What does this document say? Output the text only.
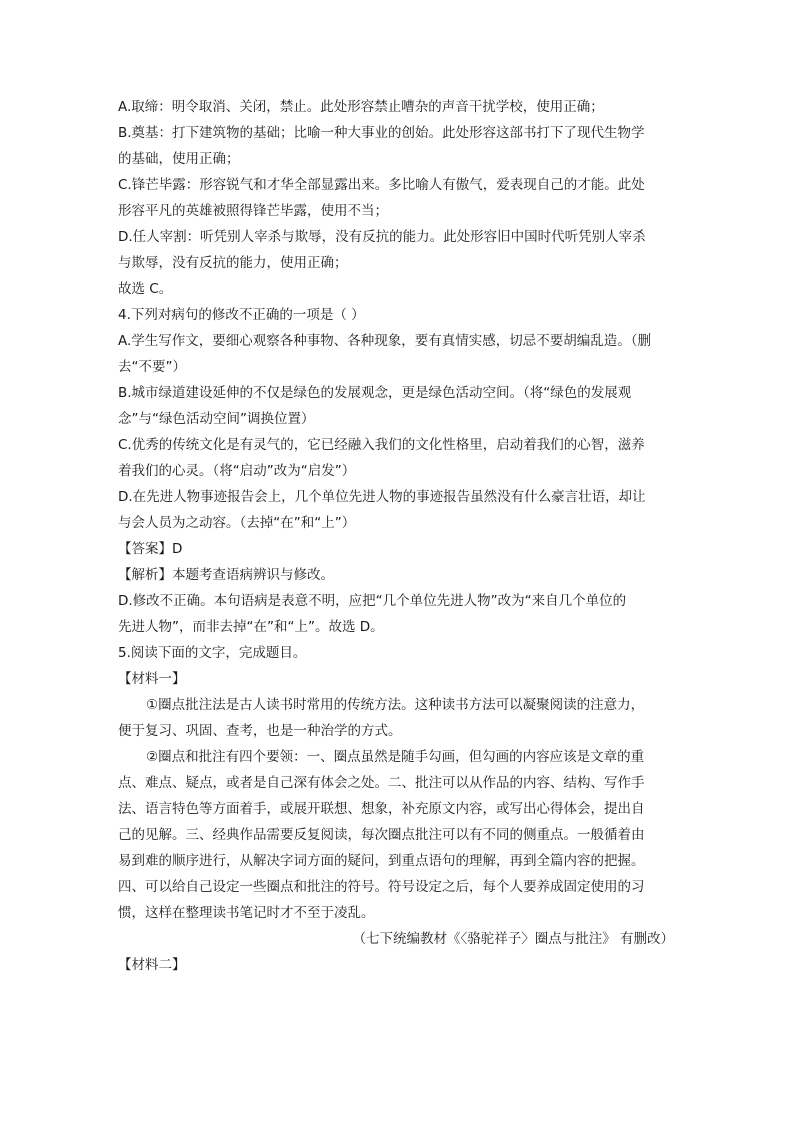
A.取缔：明令取消、关闭，禁止。此处形容禁止嘈杂的声音干扰学校，使用正确；
B.奠基：打下建筑物的基础；比喻一种大事业的创始。此处形容这部书打下了现代生物学
的基础，使用正确；
C.锋芒毕露：形容锐气和才华全部显露出来。多比喻人有傲气，爱表现自己的才能。此处
形容平凡的英雄被照得锋芒毕露，使用不当；
D.任人宰割：听凭别人宰杀与欺辱，没有反抗的能力。此处形容旧中国时代听凭别人宰杀
与欺辱，没有反抗的能力，使用正确；
故选 C。
4.下列对病句的修改不正确的一项是（ ）
A.学生写作文，要细心观察各种事物、各种现象，要有真情实感，切忌不要胡编乱造。（删
去“不要”）
B.城市绿道建设延伸的不仅是绿色的发展观念，更是绿色活动空间。（将“绿色的发展观
念”与“绿色活动空间”调换位置）
C.优秀的传统文化是有灵气的，它已经融入我们的文化性格里，启动着我们的心智，滋养
着我们的心灵。（将“启动”改为“启发”）
D.在先进人物事迹报告会上，几个单位先进人物的事迹报告虽然没有什么豪言壮语，却让
与会人员为之动容。（去掉“在”和“上”）
【答案】D
【解析】本题考查语病辨识与修改。
D.修改不正确。本句语病是表意不明，应把“几个单位先进人物”改为“来自几个单位的
先进人物”，而非去掉“在”和“上”。故选 D。
5.阅读下面的文字，完成题目。
【材料一】
①圈点批注法是古人读书时常用的传统方法。这种读书方法可以凝聚阅读的注意力，
便于复习、巩固、查考，也是一种治学的方式。
②圈点和批注有四个要领：一、圈点虽然是随手勾画，但勾画的内容应该是文章的重
点、难点、疑点，或者是自己深有体会之处。二、批注可以从作品的内容、结构、写作手
法、语言特色等方面着手，或展开联想、想象，补充原文内容，或写出心得体会，提出自
己的见解。三、经典作品需要反复阅读，每次圈点批注可以有不同的侧重点。一般循着由
易到难的顺序进行，从解决字词方面的疑问，到重点语句的理解，再到全篇内容的把握。
四、可以给自己设定一些圈点和批注的符号。符号设定之后，每个人要养成固定使用的习
惯，这样在整理读书笔记时才不至于凌乱。
（七下统编教材《〈骆驼祥子〉圈点与批注》 有删改）
【材料二】
